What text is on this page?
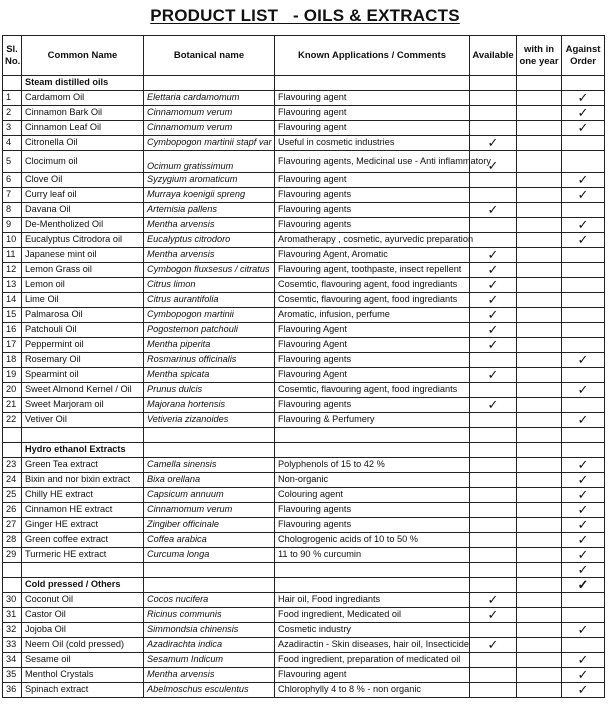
PRODUCT LIST   - OILS & EXTRACTS
Sl. No.	Common Name	Botanical name	Known Applications / Comments	Available	with in one year	Against Order
	Steam distilled oils					
1	Cardamom Oil	Elettaria cardamomum	Flavouring agent			✓
2	Cinnamon Bark Oil	Cinnamomum verum	Flavouring agent			✓
3	Cinnamon Leaf Oil	Cinnamomum verum	Flavouring agent			✓
4	Citronella Oil	Cymbopogon martinii stapf var	Useful in cosmetic industries	✓		
5	Clocimum oil	Ocimum gratissimum	Flavouring agents, Medicinal use - Anti inflammatory	✓		
6	Clove Oil	Syzygium aromaticum	Flavouring agent			✓
7	Curry leaf oil	Murraya koenigii spreng	Flavouring agents			✓
8	Davana Oil	Artemisia pallens	Flavouring agents	✓		
9	De-Mentholized Oil	Mentha arvensis	Flavouring agents			✓
10	Eucalyptus Citrodora oil	Eucalyptus citrodoro	Aromatherapy , cosmetic, ayurvedic preparation			✓
11	Japanese mint oil	Mentha arvensis	Flavouring Agent, Aromatic	✓		
12	Lemon Grass oil	Cymbogon fluxsesus / citratus	Flavouring agent, toothpaste, insect repellent	✓		
13	Lemon oil	Citrus limon	Cosemtic, flavouring agent, food ingrediants	✓		
14	Lime Oil	Citrus aurantifolia	Cosemtic, flavouring agent, food ingrediants	✓		
15	Palmarosa Oil	Cymbopogon martinii	Aromatic, infusion, perfume	✓		
16	Patchouli Oil	Pogostemon patchouli	Flavouring Agent	✓		
17	Peppermint oil	Mentha piperita	Flavouring Agent	✓		
18	Rosemary Oil	Rosmarinus officinalis	Flavouring agents			✓
19	Spearmint oil	Mentha spicata	Flavouring Agent	✓		
20	Sweet Almond Kernel / Oil	Prunus dulcis	Cosemtic, flavouring agent, food ingrediants			✓
21	Sweet Marjoram oil	Majorana hortensis	Flavouring agents	✓		
22	Vetiver Oil	Vetiveria zizanoides	Flavouring & Perfumery			✓

	Hydro ethanol Extracts					
23	Green Tea extract	Camella sinensis	Polyphenols of 15 to 42 %			✓
24	Bixin and nor bixin extract	Bixa orellana	Non-organic			✓
25	Chilly HE extract	Capsicum annuum	Colouring agent			✓
26	Cinnamon HE extract	Cinnamomum verum	Flavouring agents			✓
27	Ginger HE extract	Zingiber officinale	Flavouring agents			✓
28	Green coffee extract	Coffea arabica	Chologrogenic acids of 10 to 50 %			✓
29	Turmeric HE extract	Curcuma longa	11 to 90 % curcumin			✓
						✓
	Cold pressed / Others					✓
30	Coconut Oil	Cocos nucifera	Hair oil, Food ingrediants	✓		
31	Castor Oil	Ricinus communis	Food ingredient, Medicated oil	✓		
32	Jojoba Oil	Simmondsia chinensis	Cosmetic industry			✓
33	Neem Oil (cold pressed)	Azadirachta indica	Azadiractin - Skin diseases, hair oil, Insecticide	✓		
34	Sesame oil	Sesamum Indicum	Food ingredient, preparation of medicated oil			✓
35	Menthol Crystals	Mentha arvensis	Flavouring agent			✓
36	Spinach extract	Abelmoschus esculentus	Chlorophylly 4 to 8 % - non organic			✓
